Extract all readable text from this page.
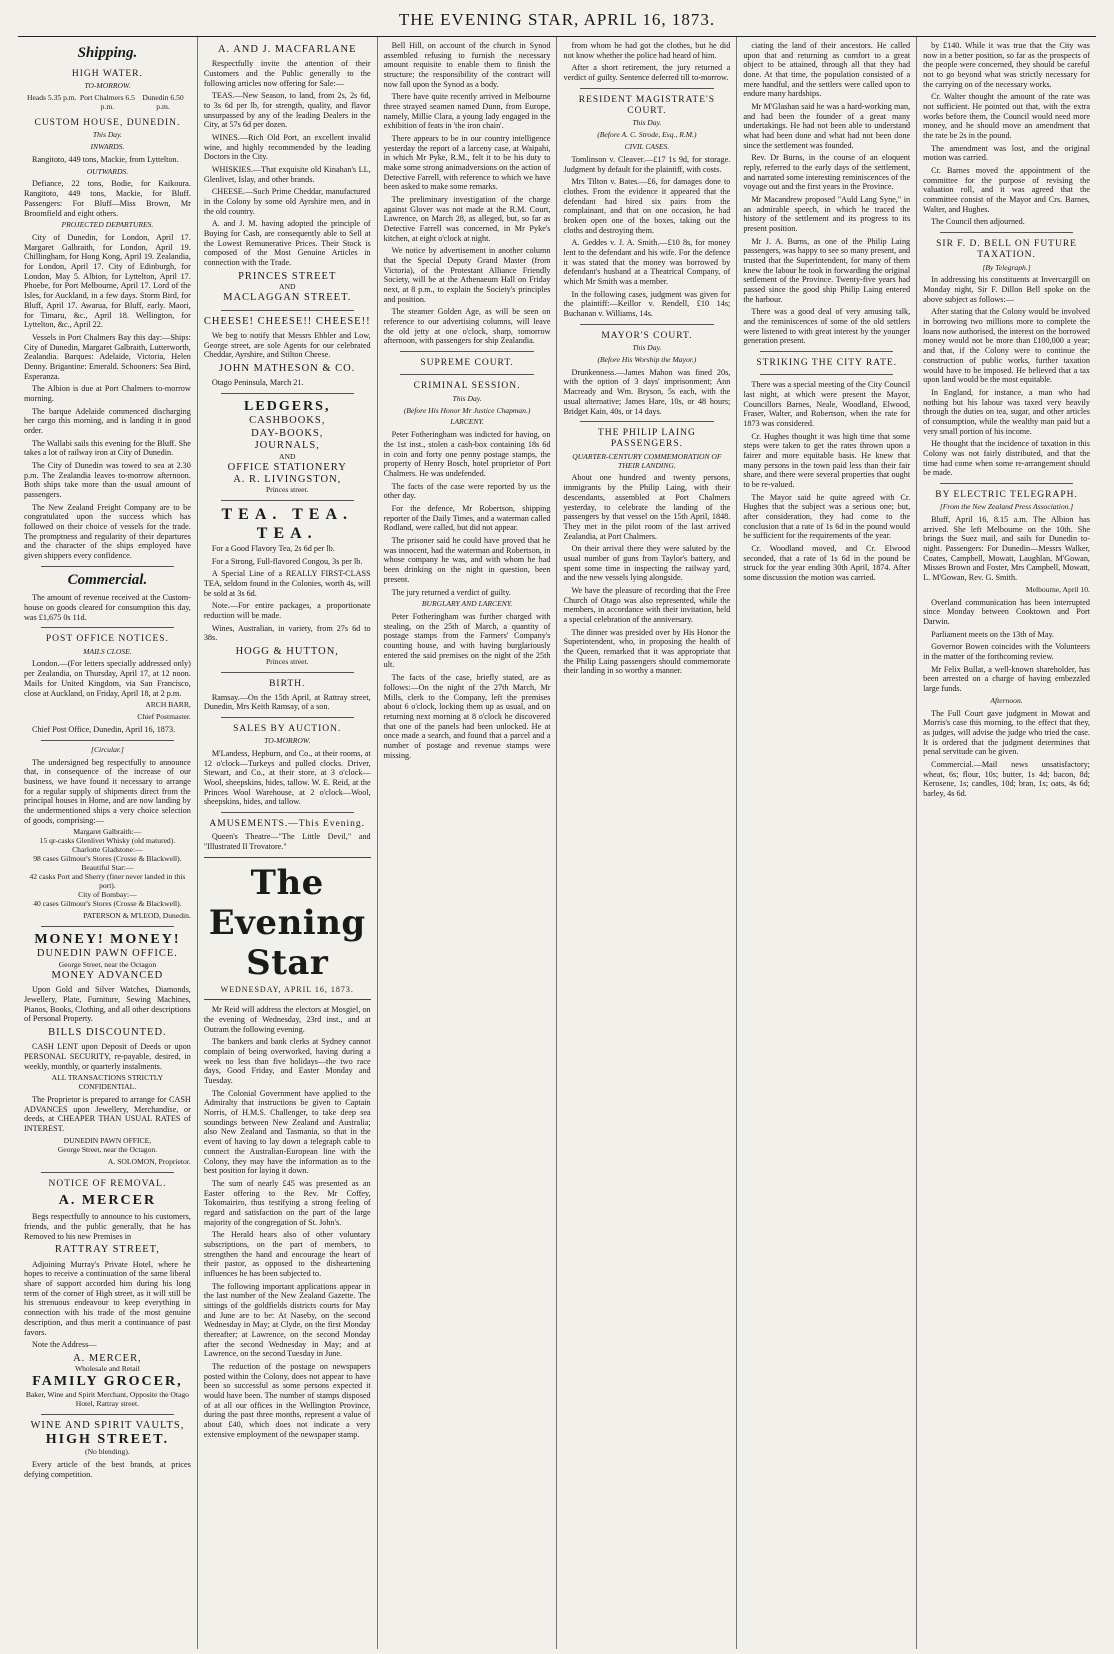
THE EVENING STAR, APRIL 16, 1873.
Shipping.
HIGH WATER.
TO-MORROW.
Heads 5.35 p.m. Port Chalmers 6.5 p.m.
Dunedin 6.50 p.m.
CUSTOM HOUSE, DUNEDIN.
This Day.
INWARDS.

Rangitoto, 449 tons, Mackie, from Lyttelton.

OUTWARDS.

Defiance, 22 tons, Bodie, for Kaikoura. Rangitoto, 449 tons, Mackie, for Bluff. Passengers: For Bluff—Miss Brown, Mr Broomfield and eight others.

PROJECTED DEPARTURES.

City of Dunedin, for London, April 17. Margaret Galbraith, for London, April 19. Chillingham, for Hong Kong, April 19. Zealandia, for London, April 17. City of Edinburgh, for London, May 5. Albion, for Lyttelton, April 17. Phoebe, for Port Melbourne, April 17. Lord of the Isles, for Auckland, in a few days. Storm Bird, for Bluff, April 17. Awarua, for Bluff, early. Maori, for Timaru, &c., April 18. Wellington, for Lyttelton, &c., April 22.

Vessels in Port Chalmers Bay this day:—Ships: City of Dunedin, Margaret Galbraith, Lutterworth, Zealandia. Barques: Adelaide, Victoria, Helen Denny. Brigantine: Emerald. Schooners: Sea Bird, Esperanza.

The Albion is due at Port Chalmers to-morrow morning.

The barque Adelaide commenced discharging her cargo this morning, and is landing it in good order.

The Wallabi sails this evening for the Bluff. She takes a lot of railway iron at City of Dunedin.

The City of Dunedin was towed to sea at 2.30 p.m. The Zealandia leaves to-morrow afternoon. Both ships take more than the usual amount of passengers.

The New Zealand Freight Company are to be congratulated upon the success which has followed on their choice of vessels for the trade. The promptness and regularity of their departures and the character of the ships employed have given shippers every confidence.

Commercial.

The amount of revenue received at the Custom-house on goods cleared for consumption this day, was £1,675 0s 11d.

POST OFFICE NOTICES.
MAILS CLOSE.

London.—(For letters specially addressed only) per Zealandia, on Thursday, April 17, at 12 noon. Mails for United Kingdom, via San Francisco, close at Auckland, on Friday, April 18, at 2 p.m.

ARCH BARR,
Chief Postmaster.

Chief Post Office, Dunedin, April 16, 1873.

[Circular.]

The undersigned beg respectfully to announce that, in consequence of the increase of our business, we have found it necessary to arrange for a regular supply of shipments direct from the principal houses in Home, and are now landing by the undermentioned ships a very choice selection of goods, comprising:—

Margaret Galbraith:—
15 qr-casks Glenlivet Whisky (old matured).
Charlotte Gladstone:—
98 cases Gilmour's Stores (Crosse & Blackwell).
Beautiful Star:—
42 casks Port and Sherry (finer never landed in this port).
City of Bombay:—
40 cases Gilmour's Stores (Crosse & Blackwell).
PATERSON & M'LEOD, Dunedin.
MONEY! MONEY!
DUNEDIN PAWN OFFICE.
George Street, near the Octagon
MONEY ADVANCED

Upon Gold and Silver Watches, Diamonds, Jewellery, Plate, Furniture, Sewing Machines, Pianos, Books, Clothing, and all other descriptions of Personal Property.

BILLS DISCOUNTED.

CASH LENT upon Deposit of Deeds or upon PERSONAL SECURITY, re-payable, desired, in weekly, monthly, or quarterly instalments.

ALL TRANSACTIONS STRICTLY CONFIDENTIAL.

The Proprietor is prepared to arrange for CASH ADVANCES upon Jewellery, Merchandise, or deeds, at CHEAPER THAN USUAL RATES of INTEREST.

DUNEDIN PAWN OFFICE,
George Street, near the Octagon.
A. SOLOMON, Proprietor.
NOTICE OF REMOVAL.
A. MERCER

Begs respectfully to announce to his customers, friends, and the public generally, that he has Removed to his new Premises in

RATTRAY STREET,

Adjoining Murray's Private Hotel, where he hopes to receive a continuation of the same liberal share of support accorded him during his long term of the corner of High street, as it will still be his strenuous endeavour to keep everything in connection with his trade of the most genuine description, and thus merit a continuance of past favors.

Note the Address—

A. MERCER,
Wholesale and Retail
FAMILY GROCER,
Baker, Wine and Spirit Merchant, Opposite the Otago Hotel, Rattray street.
WINE AND SPIRIT VAULTS,
HIGH STREET.
(No blending).

Every article of the best brands, at prices defying competition.

A. AND J. MACFARLANE

Respectfully invite the attention of their Customers and the Public generally to the following articles now offering for Sale:—

TEAS.—New Season, to land, from 2s, 2s 6d, to 3s 6d per lb, for strength, quality, and flavor unsurpassed by any of the leading Dealers in the City, at 57s 6d per dozen.

WINES.—Rich Old Port, an excellent invalid wine, and highly recommended by the leading Doctors in the City.

WHISKIES.—That exquisite old Kinahan's LL, Glenlivet, Islay, and other brands.

CHEESE.—Such Prime Cheddar, manufactured in the Colony by some old Ayrshire men, and in the old country.

A. and J. M. having adopted the principle of Buying for Cash, are consequently able to Sell at the Lowest Remunerative Prices. Their Stock is composed of the Most Genuine Articles in connection with the Trade.

PRINCES STREET
AND
MACLAGGAN STREET.
CHEESE! CHEESE!! CHEESE!!

We beg to notify that Messrs Ebbler and Low, George street, are sole Agents for our celebrated Cheddar, Ayrshire, and Stilton Cheese.

JOHN MATHESON & CO.

Otago Peninsula, March 21.

LEDGERS,
CASHBOOKS,
DAY-BOOKS,
JOURNALS,
AND
OFFICE STATIONERY
A. R. LIVINGSTON,
Princes street.
TEA. TEA. TEA.

For a Good Flavory Tea, 2s 6d per lb.

For a Strong, Full-flavored Congou, 3s per lb.

A Special Line of a REALLY FIRST-CLASS TEA, seldom found in the Colonies, worth 4s, will be sold at 3s 6d.

Note.—For entire packages, a proportionate reduction will be made.

Wines, Australian, in variety, from 27s 6d to 38s.

HOGG & HUTTON,
Princes street.
BIRTH.

Ramsay.—On the 15th April, at Rattray street, Dunedin, Mrs Keith Ramsay, of a son.

SALES BY AUCTION.
TO-MORROW.

M'Landess, Hepburn, and Co., at their rooms, at 12 o'clock—Turkeys and pulled clocks. Driver, Stewart, and Co., at their store, at 3 o'clock—Wool, sheepskins, hides, tallow. W. E. Reid, at the Princes Wool Warehouse, at 2 o'clock—Wool, sheepskins, hides, and tallow.

AMUSEMENTS.—This Evening.

Queen's Theatre—"The Little Devil," and "Illustrated Il Trovatore."

The Evening Star
WEDNESDAY, APRIL 16, 1873.

Mr Reid will address the electors at Mosgiel, on the evening of Wednesday, 23rd inst., and at Outram the following evening.

The bankers and bank clerks at Sydney cannot complain of being overworked, having during a week no less than five holidays—the two race days, Good Friday, and Easter Monday and Tuesday.

The Colonial Government have applied to the Admiralty that instructions be given to Captain Norris, of H.M.S. Challenger, to take deep sea soundings between New Zealand and Australia; also New Zealand and Tasmania, so that in the event of having to lay down a telegraph cable to connect the Australian-European line with the Colony, they may have the information as to the best position for laying it down.

The sum of nearly £45 was presented as an Easter offering to the Rev. Mr Coffey, Tokomairiro, thus testifying a strong feeling of regard and satisfaction on the part of the large majority of the congregation of St. John's.

The Herald hears also of other voluntary subscriptions, on the part of members, to strengthen the hand and encourage the heart of their pastor, as opposed to the disheartening influences he has been subjected to.

The following important applications appear in the last number of the New Zealand Gazette. The sittings of the goldfields districts courts for May and June are to be: At Naseby, on the second Wednesday in May; at Clyde, on the first Monday thereafter; at Lawrence, on the second Monday after the second Wednesday in May; and at Lawrence, on the second Tuesday in June.

The reduction of the postage on newspapers posted within the Colony, does not appear to have been so successful as some persons expected it would have been. The number of stamps disposed of at all our offices in the Wellington Province, during the past three months, represent a value of about £40, which does not indicate a very extensive employment of the newspaper stamp.

Bell Hill, on account of the church in Synod assembled refusing to furnish the necessary amount requisite to enable them to finish the structure; the responsibility of the contract will now fall upon the Synod as a body.

There have quite recently arrived in Melbourne three strayed seamen named Dunn, from Europe, namely, Millie Clara, a young lady engaged in the exhibition of feats in 'the iron chain'.

There appears to be in our country intelligence yesterday the report of a larceny case, at Waipahi, in which Mr Pyke, R.M., felt it to be his duty to make some strong animadversions on the action of Detective Farrell, with reference to which we have been asked to make some remarks.

The preliminary investigation of the charge against Glover was not made at the R.M. Court, Lawrence, on March 28, as alleged, but, so far as Detective Farrell was concerned, in Mr Pyke's kitchen, at eight o'clock at night.

We notice by advertisement in another column that the Special Deputy Grand Master (from Victoria), of the Protestant Alliance Friendly Society, will be at the Athenaeum Hall on Friday next, at 8 p.m., to explain the Society's principles and position.

The steamer Golden Age, as will be seen on reference to our advertising columns, will leave the old jetty at one o'clock, sharp, tomorrow afternoon, with passengers for ship Zealandia.

SUPREME COURT.
CRIMINAL SESSION.
This Day.
(Before His Honor Mr Justice Chapman.)
LARCENY.

Peter Fotheringham was indicted for having, on the 1st inst., stolen a cash-box containing 18s 6d in coin and forty one penny postage stamps, the property of Henry Bosch, hotel proprietor of Port Chalmers. He was undefended.

The facts of the case were reported by us the other day.

For the defence, Mr Robertson, shipping reporter of the Daily Times, and a waterman called Rodland, were called, but did not appear.

The prisoner said he could have proved that he was innocent, had the waterman and Robertson, in whose company he was, and with whom he had been drinking on the night in question, been present.

The jury returned a verdict of guilty.

BURGLARY AND LARCENY.

Peter Fotheringham was further charged with stealing, on the 25th of March, a quantity of postage stamps from the Farmers' Company's counting house, and with having burglariously entered the said premises on the night of the 25th ult.

The facts of the case, briefly stated, are as follows:—On the night of the 27th March, Mr Mills, clerk to the Company, left the premises about 6 o'clock, locking them up as usual, and on returning next morning at 8 o'clock he discovered that one of the panels had been unlocked. He at once made a search, and found that a parcel and a number of postage and revenue stamps were missing.

from whom he had got the clothes, but he did not know whether the police had heard of him.

After a short retirement, the jury returned a verdict of guilty. Sentence deferred till to-morrow.

RESIDENT MAGISTRATE'S COURT.
This Day.
(Before A. C. Strode, Esq., R.M.)
CIVIL CASES.

Tomlinson v. Cleaver.—£17 1s 9d, for storage. Judgment by default for the plaintiff, with costs.

Mrs Tilton v. Bates.—£6, for damages done to clothes. From the evidence it appeared that the defendant had hired six pairs from the complainant, and that on one occasion, he had broken open one of the boxes, taking out the cloths and destroying them.

A. Geddes v. J. A. Smith.—£10 8s, for money lent to the defendant and his wife. For the defence it was stated that the money was borrowed by defendant's husband at a Theatrical Company, of which Mr Smith was a member.

In the following cases, judgment was given for the plaintiff:—Keillor v. Rendell, £10 14s; Buchanan v. Williams, 14s.

MAYOR'S COURT.
This Day.
(Before His Worship the Mayor.)

Drunkenness.—James Mahon was fined 20s, with the option of 3 days' imprisonment; Ann Macready and Wm. Bryson, 5s each, with the usual alternative; James Hare, 10s, or 48 hours; Bridget Kain, 40s, or 14 days.

THE PHILIP LAING PASSENGERS.
QUARTER-CENTURY COMMEMORATION OF THEIR LANDING.

About one hundred and twenty persons, immigrants by the Philip Laing, with their descendants, assembled at Port Chalmers yesterday, to celebrate the landing of the passengers by that vessel on the 15th April, 1848. They met in the pilot room of the last arrived Zealandia, at Port Chalmers.

On their arrival there they were saluted by the usual number of guns from Taylor's battery, and spent some time in inspecting the railway yard, and the new vessels lying alongside.

We have the pleasure of recording that the Free Church of Otago was also represented, while the members, in accordance with their invitation, held a special celebration of the anniversary.

The dinner was presided over by His Honor the Superintendent, who, in proposing the health of the Queen, remarked that it was appropriate that the Philip Laing passengers should commemorate their landing in so worthy a manner.

ciating the land of their ancestors. He called upon that and returning as comfort to a great object to be attained, through all that they had done. At that time, the population consisted of a mere handful, and the settlers were called upon to endure many hardships.

Mr M'Glashan said he was a hard-working man, and had been the founder of a great many undertakings. He had not been able to understand what had been done and what had not been done since the settlement was founded.

Rev. Dr Burns, in the course of an eloquent reply, referred to the early days of the settlement, and narrated some interesting reminiscences of the voyage out and the first years in the Province.

Mr Macandrew proposed "Auld Lang Syne," in an admirable speech, in which he traced the history of the settlement and its progress to its present position.

Mr J. A. Burns, as one of the Philip Laing passengers, was happy to see so many present, and trusted that the Superintendent, for many of them knew the labour he took in forwarding the original settlement of the Province. Twenty-five years had passed since the good ship Philip Laing entered the harbour.

There was a good deal of very amusing talk, and the reminiscences of some of the old settlers were listened to with great interest by the younger generation present.

STRIKING THE CITY RATE.

There was a special meeting of the City Council last night, at which were present the Mayor, Councillors Barnes, Neale, Woodland, Elwood, Fraser, Walter, and Robertson, when the rate for 1873 was considered.

Cr. Hughes thought it was high time that some steps were taken to get the rates thrown upon a fairer and more equitable basis. He knew that many persons in the town paid less than their fair share, and there were several properties that ought to be re-valued.

The Mayor said he quite agreed with Cr. Hughes that the subject was a serious one; but, after consideration, they had come to the conclusion that a rate of 1s 6d in the pound would be sufficient for the requirements of the year.

Cr. Woodland moved, and Cr. Elwood seconded, that a rate of 1s 6d in the pound be struck for the year ending 30th April, 1874. After some discussion the motion was carried.

by £140. While it was true that the City was now in a better position, so far as the prospects of the people were concerned, they should be careful not to go beyond what was strictly necessary for the carrying on of the necessary works.

Cr. Walter thought the amount of the rate was not sufficient. He pointed out that, with the extra works before them, the Council would need more money, and he should move an amendment that the rate be 2s in the pound.

The amendment was lost, and the original motion was carried.

Cr. Barnes moved the appointment of the committee for the purpose of revising the valuation roll, and it was agreed that the committee consist of the Mayor and Crs. Barnes, Walter, and Hughes.

The Council then adjourned.

SIR F. D. BELL ON FUTURE TAXATION.
[By Telegraph.]

In addressing his constituents at Invercargill on Monday night, Sir F. Dillon Bell spoke on the above subject as follows:—

After stating that the Colony would be involved in borrowing two millions more to complete the loans now authorised, the interest on the borrowed money would not be more than £100,000 a year; and that, if the Colony were to continue the construction of public works, further taxation would have to be imposed. He believed that a tax upon land would be the most equitable.

In England, for instance, a man who had nothing but his labour was taxed very heavily through the duties on tea, sugar, and other articles of consumption, while the wealthy man paid but a very small portion of his income.

He thought that the incidence of taxation in this Colony was not fairly distributed, and that the time had come when some re-arrangement should be made.

BY ELECTRIC TELEGRAPH.
[From the New Zealand Press Association.]

Bluff, April 16, 8.15 a.m. The Albion has arrived. She left Melbourne on the 10th. She brings the Suez mail, and sails for Dunedin to-night. Passengers: For Dunedin—Messrs Walker, Coates, Campbell, Mowatt, Laughlan, M'Gowan, Misses Brown and Foster, Mrs Campbell, Mowatt, L. M'Gowan, Rev. G. Smith.

Melbourne, April 10.

Overland communication has been interrupted since Monday between Cooktown and Port Darwin.

Parliament meets on the 13th of May.

Governor Bowen coincides with the Volunteers in the matter of the forthcoming review.

Mr Felix Bullat, a well-known shareholder, has been arrested on a charge of having embezzled large funds.

Afternoon.

The Full Court gave judgment in Mowat and Morris's case this morning, to the effect that they, as judges, will advise the judge who tried the case. It is ordered that the judgment determines that penal servitude can be given.

Commercial.—Mail news unsatisfactory; wheat, 6s; flour, 10s; butter, 1s 4d; bacon, 8d; Kerosene, 1s; candles, 10d; bran, 1s; oats, 4s 6d; barley, 4s 6d.
